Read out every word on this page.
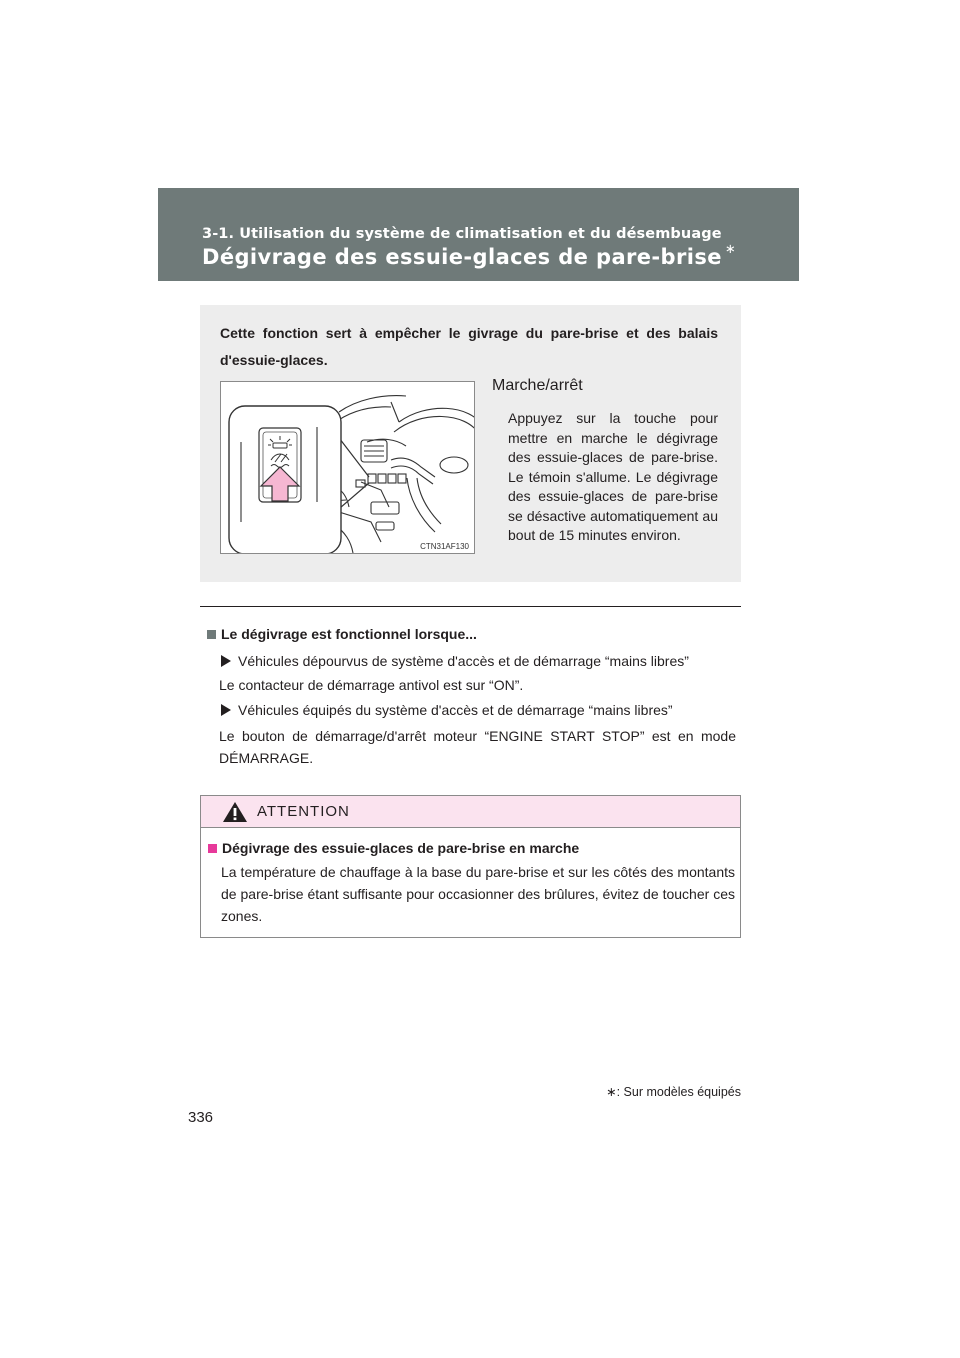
3-1. Utilisation du système de climatisation et du désembuage
Dégivrage des essuie-glaces de pare-brise ∗
Cette fonction sert à empêcher le givrage du pare-brise et des balais d'essuie-glaces.
CTN31AF130
Marche/arrêt
Appuyez sur la touche pour mettre en marche le dégivrage des essuie-glaces de pare-brise. Le témoin s'allume. Le dégivrage des essuie-glaces de pare-brise se désactive automatiquement au bout de 15 minutes environ.
Le dégivrage est fonctionnel lorsque...
Véhicules dépourvus de système d'accès et de démarrage “mains libres”
Le contacteur de démarrage antivol est sur “ON”.
Véhicules équipés du système d'accès et de démarrage “mains libres”
Le bouton de démarrage/d'arrêt moteur “ENGINE START STOP” est en mode DÉMARRAGE.
ATTENTION
Dégivrage des essuie-glaces de pare-brise en marche
La température de chauffage à la base du pare-brise et sur les côtés des montants de pare-brise étant suffisante pour occasionner des brûlures, évitez de toucher ces zones.
∗: Sur modèles équipés
336
